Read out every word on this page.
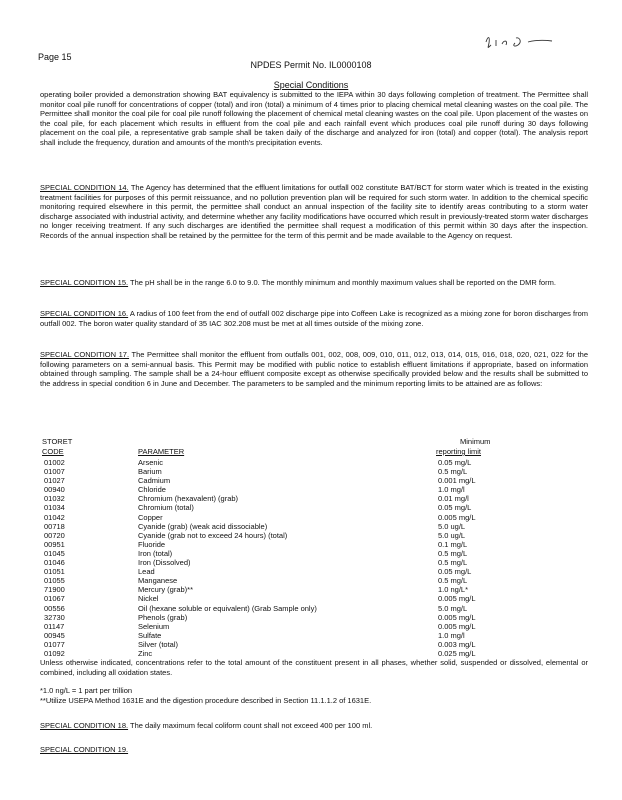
Page 15
NPDES Permit No. IL0000108
Special Conditions

operating boiler provided a demonstration showing BAT equivalency is submitted to the IEPA within 30 days following completion of treatment. The Permittee shall monitor coal pile runoff for concentrations of copper (total) and iron (total) a minimum of 4 times prior to placing chemical metal cleaning wastes on the coal pile. The Permittee shall monitor the coal pile for coal pile runoff following the placement of chemical metal cleaning wastes on the coal pile. Upon placement of the wastes on the coal pile, for each placement which results in effluent from the coal pile and each rainfall event which produces coal pile runoff during 30 days following placement on the coal pile, a representative grab sample shall be taken daily of the discharge and analyzed for iron (total) and copper (total). The analysis report shall include the frequency, duration and amounts of the month's precipitation events.

SPECIAL CONDITION 14. The Agency has determined that the effluent limitations for outfall 002 constitute BAT/BCT for storm water which is treated in the existing treatment facilities for purposes of this permit reissuance, and no pollution prevention plan will be required for such storm water. In addition to the chemical specific monitoring required elsewhere in this permit, the permittee shall conduct an annual inspection of the facility site to identify areas contributing to a storm water discharge associated with industrial activity, and determine whether any facility modifications have occurred which result in previously-treated storm water discharges no longer receiving treatment. If any such discharges are identified the permittee shall request a modification of this permit within 30 days after the inspection. Records of the annual inspection shall be retained by the permittee for the term of this permit and be made available to the Agency on request.

SPECIAL CONDITION 15. The pH shall be in the range 6.0 to 9.0. The monthly minimum and monthly maximum values shall be reported on the DMR form.

SPECIAL CONDITION 16. A radius of 100 feet from the end of outfall 002 discharge pipe into Coffeen Lake is recognized as a mixing zone for boron discharges from outfall 002. The boron water quality standard of 35 IAC 302.208 must be met at all times outside of the mixing zone.

SPECIAL CONDITION 17. The Permittee shall monitor the effluent from outfalls 001, 002, 008, 009, 010, 011, 012, 013, 014, 015, 016, 018, 020, 021, 022 for the following parameters on a semi-annual basis. This Permit may be modified with public notice to establish effluent limitations if appropriate, based on information obtained through sampling. The sample shall be a 24-hour effluent composite except as otherwise specifically provided below and the results shall be submitted to the address in special condition 6 in June and December. The parameters to be sampled and the minimum reporting limits to be attained are as follows:

STORET
CODE	PARAMETER
Minimum
reporting limit
01002	Arsenic	0.05 mg/L
01007	Barium	0.5 mg/L
01027	Cadmium	0.001 mg/L
00940	Chloride	1.0 mg/l
01032	Chromium (hexavalent) (grab)	0.01 mg/l
01034	Chromium (total)	0.05 mg/L
01042	Copper	0.005 mg/L
00718	Cyanide (grab) (weak acid dissociable)	5.0 ug/L
00720	Cyanide (grab not to exceed 24 hours) (total)	5.0 ug/L
00951	Fluoride	0.1 mg/L
01045	Iron (total)	0.5 mg/L
01046	Iron (Dissolved)	0.5 mg/L
01051	Lead	0.05 mg/L
01055	Manganese	0.5 mg/L
71900	Mercury (grab)**	1.0 ng/L*
01067	Nickel	0.005 mg/L
00556	Oil (hexane soluble or equivalent) (Grab Sample only)	5.0 mg/L
32730	Phenols (grab)	0.005 mg/L
01147	Selenium	0.005 mg/L
00945	Sulfate	1.0 mg/l
01077	Silver (total)	0.003 mg/L
01092	Zinc	0.025 mg/L

Unless otherwise indicated, concentrations refer to the total amount of the constituent present in all phases, whether solid, suspended or dissolved, elemental or combined, including all oxidation states.

*1.0 ng/L = 1 part per trillion

**Utilize USEPA Method 1631E and the digestion procedure described in Section 11.1.1.2 of 1631E.

SPECIAL CONDITION 18. The daily maximum fecal coliform count shall not exceed 400 per 100 ml.

SPECIAL CONDITION 19.
